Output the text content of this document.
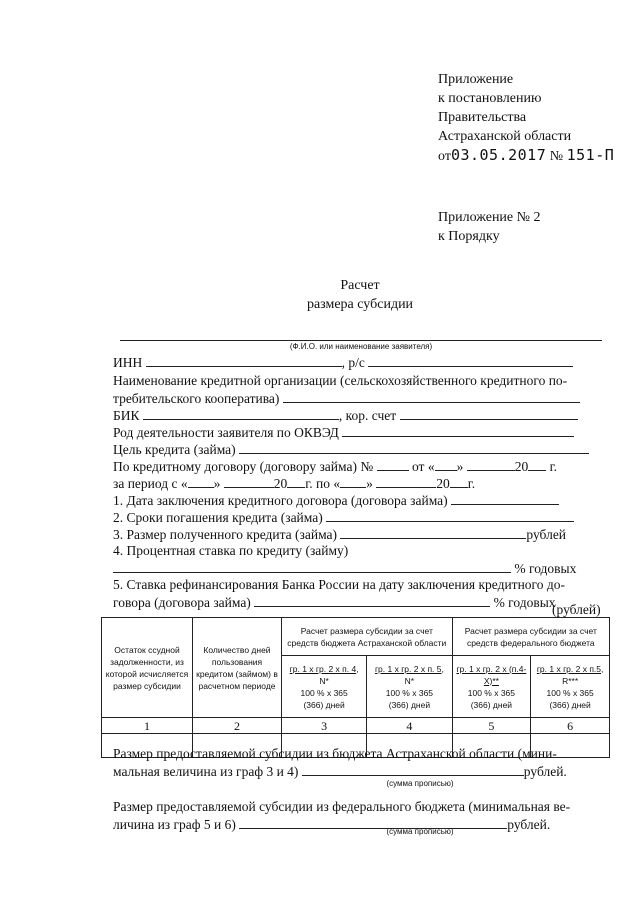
Приложение
к постановлению
Правительства
Астраханской области
от03.05.2017 № 151-П
Приложение № 2
к Порядку
Расчет
размера субсидии
(Ф.И.О. или наименование заявителя)
ИНН	, р/с
Наименование кредитной организации (сельскохозяйственного кредитного по-
требительского кооператива)
БИК	, кор. счет
Род деятельности заявителя по ОКВЭД
Цель кредита (займа)
По кредитному договору (договору займа) №	от « »	20 г.
за период с « »	20 г. по « »	20 г.
1. Дата заключения кредитного договора (договора займа)
2. Сроки погашения кредита (займа)
3. Размер полученного кредита (займа)	рублей
4. Процентная ставка по кредиту (займу)
% годовых
5. Ставка рефинансирования Банка России на дату заключения кредитного до-
говора (договора займа)	% годовых
(рублей)
Остаток ссудной задолженности, из которой исчисляется размер субсидии	Количество дней пользования кредитом (займом) в расчетном периоде	Расчет размера субсидии за счет средств бюджета Астраханской области		Расчет размера субсидии за счет средств федерального бюджета	
		гр. 1 х гр. 2 х п. 4, N*
100 % х 365
(366) дней	гр. 1 х гр. 2 х п. 5, N*
100 % х 365
(366) дней	гр. 1 х гр. 2 х (п.4-X)**
100 % х 365
(366) дней	гр. 1 х гр. 2 х п.5, R***
100 % х 365
(366) дней
1	2	3	4	5	6

Размер предоставляемой субсидии из бюджета Астраханской области (мини-
мальная величина из граф 3 и 4)	рублей.
(сумма прописью)
Размер предоставляемой субсидии из федерального бюджета (минимальная ве-
личина из граф 5 и 6)	рублей.
(сумма прописью)
